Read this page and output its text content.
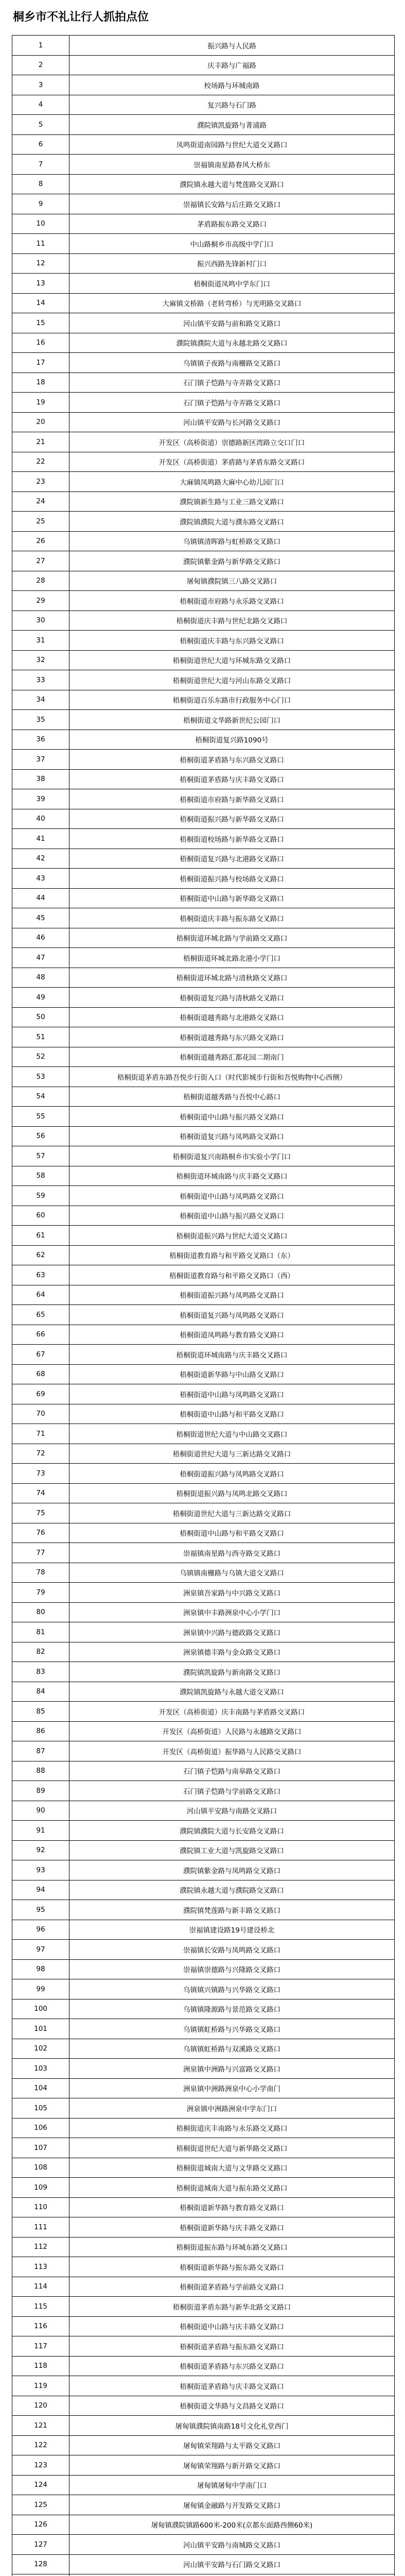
桐乡市不礼让行人抓拍点位
1	振兴路与人民路
2	庆丰路与广福路
3	校场路与环城南路
4	复兴路与石门路
5	濮院镇凯旋路与菁浦路
6	凤鸣街道南园路与世纪大道交叉路口
7	崇福镇南星路春风大桥东
8	濮院镇永越大道与梵莲路交叉路口
9	崇福镇长安路与后庄路交叉路口
10	茅盾路振东路交叉路口
11	中山路桐乡市高级中学门口
12	振兴西路先锋新村门口
13	梧桐街道凤鸣中学东门口
14	大麻镇文桥路（老转弯桥）与光明路交叉路口
15	河山镇平安路与前和路交叉路口
16	濮院镇濮院大道与永越北路交叉路口
17	乌镇镇子夜路与南栅路交叉路口
18	石门镇子恺路与寺弄路交叉路口
19	石门镇子恺路与寺弄路交叉路口
20	河山镇平安路与长河路交叉路口
21	开发区（高桥街道）崇德路新区湾路立交口门口
22	开发区（高桥街道）茅盾路与茅盾东路交叉路口
23	大麻镇凤鸣路大麻中心幼儿园门口
24	濮院镇新生路与工业三路交叉路口
25	濮院镇濮院大道与濮东路交叉路口
26	乌镇镇清晖路与虹桥路交叉路口
27	濮院镇紫金路与新华路交叉路口
28	屠甸镇濮院镇三八路交叉路口
29	梧桐街道市府路与永乐路交叉路口
30	梧桐街道庆丰路与世纪北路交叉路口
31	梧桐街道庆丰路与东兴路交叉路口
32	梧桐街道世纪大道与环城东路交叉路口
33	梧桐街道世纪大道与河山东路交叉路口
34	梧桐街道百乐东路市行政服务中心门口
35	梧桐街道文华路新世纪公园门口
36	梧桐街道复兴路1090号
37	梧桐街道茅盾路与东兴路交叉路口
38	梧桐街道茅盾路与庆丰路交叉路口
39	梧桐街道市府路与新华路交叉路口
40	梧桐街道振兴路与新华路交叉路口
41	梧桐街道校场路与新华路交叉路口
42	梧桐街道复兴路与北港路交叉路口
43	梧桐街道振兴路与校场路交叉路口
44	梧桐街道中山路与新华路交叉路口
45	梧桐街道庆丰路与振东路交叉路口
46	梧桐街道环城北路与学前路交叉路口
47	梧桐街道环城北路北港小学门口
48	梧桐街道环城北路与清秋路交叉路口
49	梧桐街道复兴路与清秋路交叉路口
50	梧桐街道越秀路与北港路交叉路口
51	梧桐街道越秀路与东兴路交叉路口
52	梧桐街道越秀路汇都花园二期南门
53	梧桐街道茅盾东路吾悦步行街入口（时代影城步行街和吾悦购物中心西侧）
54	梧桐街道越秀路与吾悦中心路口
55	梧桐街道中山路与振兴路交叉路口
56	梧桐街道复兴路与凤鸣路交叉路口
57	梧桐街道复兴南路桐乡市实验小学门口
58	梧桐街道环城南路与庆丰路交叉路口
59	梧桐街道中山路与凤鸣路交叉路口
60	梧桐街道中山路与振兴路交叉路口
61	梧桐街道振兴路与世纪大道交叉路口
62	梧桐街道教育路与和平路交叉路口（东）
63	梧桐街道教育路与和平路交叉路口（西）
64	梧桐街道振兴路与凤鸣路交叉路口
65	梧桐街道复兴路与凤鸣路交叉路口
66	梧桐街道凤鸣路与教育路交叉路口
67	梧桐街道环城南路与庆丰路交叉路口
68	梧桐街道新华路与中山路交叉路口
69	梧桐街道中山路与凤鸣路交叉路口
70	梧桐街道中山路与和平路交叉路口
71	梧桐街道世纪大道与中山路交叉路口
72	梧桐街道世纪大道与三新达路交叉路口
73	梧桐街道振兴路与凤鸣路交叉路口
74	梧桐街道振兴路与凤鸣北路交叉路口
75	梧桐街道世纪大道与三新达路交叉路口
76	梧桐街道中山路与和平路交叉路口
77	崇福镇南星路与西寺路交叉路口
78	乌镇镇南栅路与乌镇大道交叉路口
79	洲泉镇吾家路与中兴路交叉路口
80	洲泉镇中丰路洲泉中心小学门口
81	洲泉镇中兴路与德政路交叉路口
82	洲泉镇德丰路与金众路交叉路口
83	濮院镇凯旋路与新南路交叉路口
84	濮院镇凯旋路与永越大道交叉路口
85	开发区（高桥街道）庆丰南路与茅盾路交叉路口
86	开发区（高桥街道）人民路与永越路交叉路口
87	开发区（高桥街道）振华路与人民路交叉路口
88	石门镇子恺路与南皋路交叉路口
89	石门镇子恺路与学前路交叉路口
90	河山镇平安路与南路交叉路口
91	濮院镇濮院大道与长安路交叉路口
92	濮院镇工业大道与凯旋路交叉路口
93	濮院镇紫金路与凤鸣路交叉路口
94	濮院镇永越大道与濮院路交叉路口
95	濮院镇梵莲路与新丰路交叉路口
96	崇福镇建设路19号建设桥北
97	崇福镇长安路与凤鸣路交叉路口
98	崇福镇崇德路与兴隆路交叉路口
99	乌镇镇兴镇路与兴华路交叉路口
100	乌镇镇隆源路与景范路交叉路口
101	乌镇镇虹桥路与兴华路交叉路口
102	乌镇镇虹桥路与双溪路交叉路口
103	洲泉镇中洲路与兴富路交叉路口
104	洲泉镇中洲路洲泉中心小学南门
105	洲泉镇中洲路洲泉中学东门口
106	梧桐街道庆丰南路与永乐路交叉路口
107	梧桐街道世纪大道与新华路交叉路口
108	梧桐街道城南大道与文华路交叉路口
109	梧桐街道城南大道与振东路交叉路口
110	梧桐街道新华路与教育路交叉路口
111	梧桐街道新华路与庆丰路交叉路口
112	梧桐街道振东路与环城东路交叉路口
113	梧桐街道新华路与振东路交叉路口
114	梧桐街道茅盾路与学前路交叉路口
115	梧桐街道茅盾东路与新华北路交叉路口
116	梧桐街道中山路与庆丰路交叉路口
117	梧桐街道茅盾路与振东路交叉路口
118	梧桐街道茅盾路与东兴路交叉路口
119	梧桐街道茅盾路与庆丰路交叉路口
120	梧桐街道文华路与文昌路交叉路口
121	屠甸镇濮院镇南路18号文化礼堂西门
122	屠甸镇荣翔路与太平路交叉路口
123	屠甸镇荣翔路与新开路交叉路口
124	屠甸镇屠甸中学南门口
125	屠甸镇金融路与开发路交叉路口
126	屠甸镇濮院镇路600米-200米(京都东面路西侧60米)
127	河山镇平安路与南城路交叉路口
128	河山镇平安路与石门路交叉路口
